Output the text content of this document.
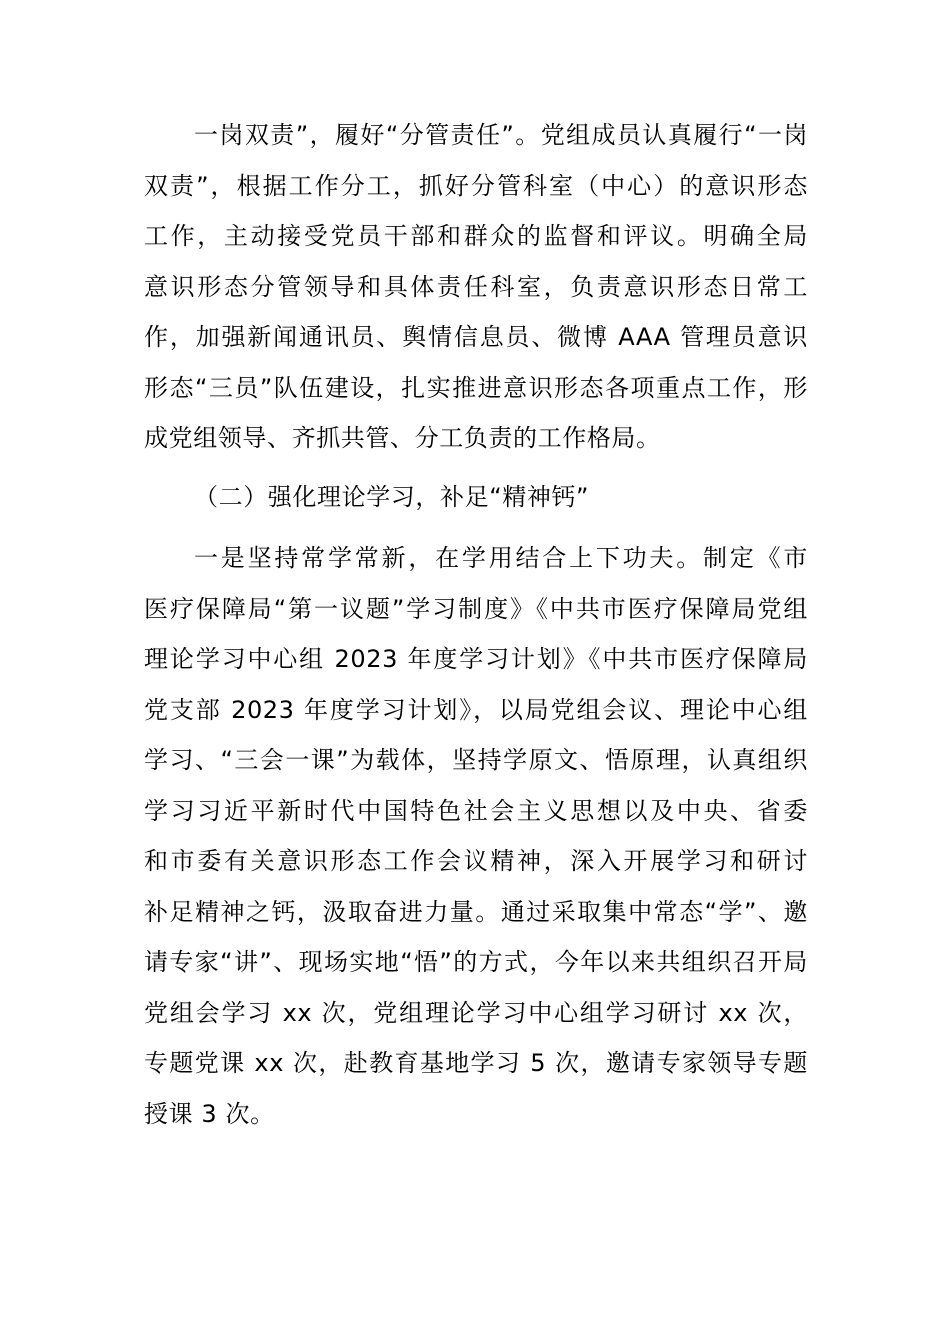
一岗双责”，履好“分管责任”。党组成员认真履行“一岗
双责”，根据工作分工，抓好分管科室（中心）的意识形态
工作，主动接受党员干部和群众的监督和评议。明确全局
意识形态分管领导和具体责任科室，负责意识形态日常工
作，加强新闻通讯员、舆情信息员、微博 AAA 管理员意识
形态“三员”队伍建设，扎实推进意识形态各项重点工作，形
成党组领导、齐抓共管、分工负责的工作格局。
（二）强化理论学习，补足“精神钙”
一是坚持常学常新，在学用结合上下功夫。制定《市
医疗保障局“第一议题”学习制度》《中共市医疗保障局党组
理论学习中心组 2023 年度学习计划》《中共市医疗保障局
党支部 2023 年度学习计划》，以局党组会议、理论中心组
学习、“三会一课”为载体，坚持学原文、悟原理，认真组织
学习习近平新时代中国特色社会主义思想以及中央、省委
和市委有关意识形态工作会议精神，深入开展学习和研讨
补足精神之钙，汲取奋进力量。通过采取集中常态“学”、邀
请专家“讲”、现场实地“悟”的方式，今年以来共组织召开局
党组会学习 xx 次，党组理论学习中心组学习研讨 xx 次，
专题党课 xx 次，赴教育基地学习 5 次，邀请专家领导专题
授课 3 次。
